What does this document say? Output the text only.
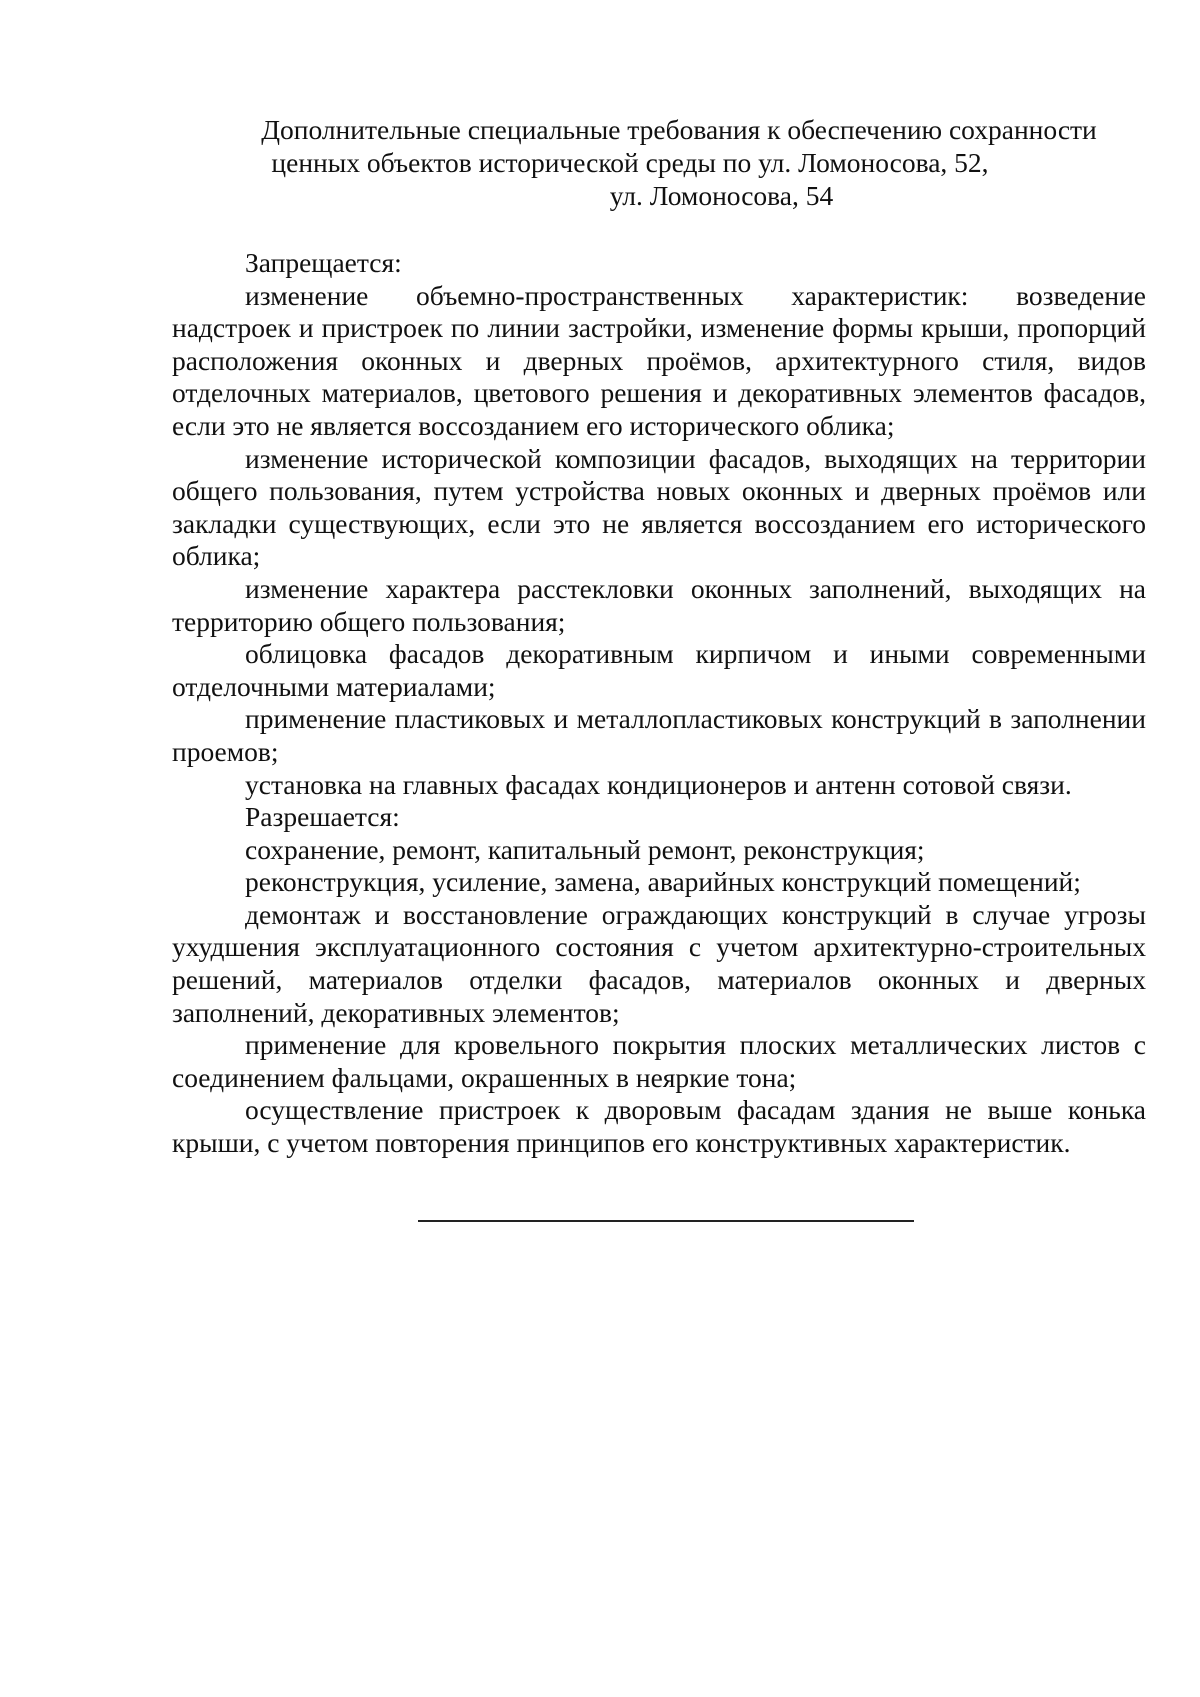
Дополнительные специальные требования к обеспечению сохранности
ценных объектов исторической среды по ул. Ломоносова, 52,
ул. Ломоносова, 54

Запрещается:

изменение объемно-пространственных характеристик: возведение надстроек и пристроек по линии застройки, изменение формы крыши, пропорций расположения оконных и дверных проёмов, архитектурного стиля, видов отделочных материалов, цветового решения и декоративных элементов фасадов, если это не является воссозданием его исторического облика;

изменение исторической композиции фасадов, выходящих на территории общего пользования, путем устройства новых оконных и дверных проёмов или закладки существующих, если это не является воссозданием его исторического облика;

изменение характера расстекловки оконных заполнений, выходящих на территорию общего пользования;

облицовка фасадов декоративным кирпичом и иными современными отделочными материалами;

применение пластиковых и металлопластиковых конструкций в заполнении проемов;

установка на главных фасадах кондиционеров и антенн сотовой связи.

Разрешается:

сохранение, ремонт, капитальный ремонт, реконструкция;

реконструкция, усиление, замена, аварийных конструкций помещений;

демонтаж и восстановление ограждающих конструкций в случае угрозы ухудшения эксплуатационного состояния с учетом архитектурно-строительных решений, материалов отделки фасадов, материалов оконных и дверных заполнений, декоративных элементов;

применение для кровельного покрытия плоских металлических листов с соединением фальцами, окрашенных в неяркие тона;

осуществление пристроек к дворовым фасадам здания не выше конька крыши, с учетом повторения принципов его конструктивных характеристик.
